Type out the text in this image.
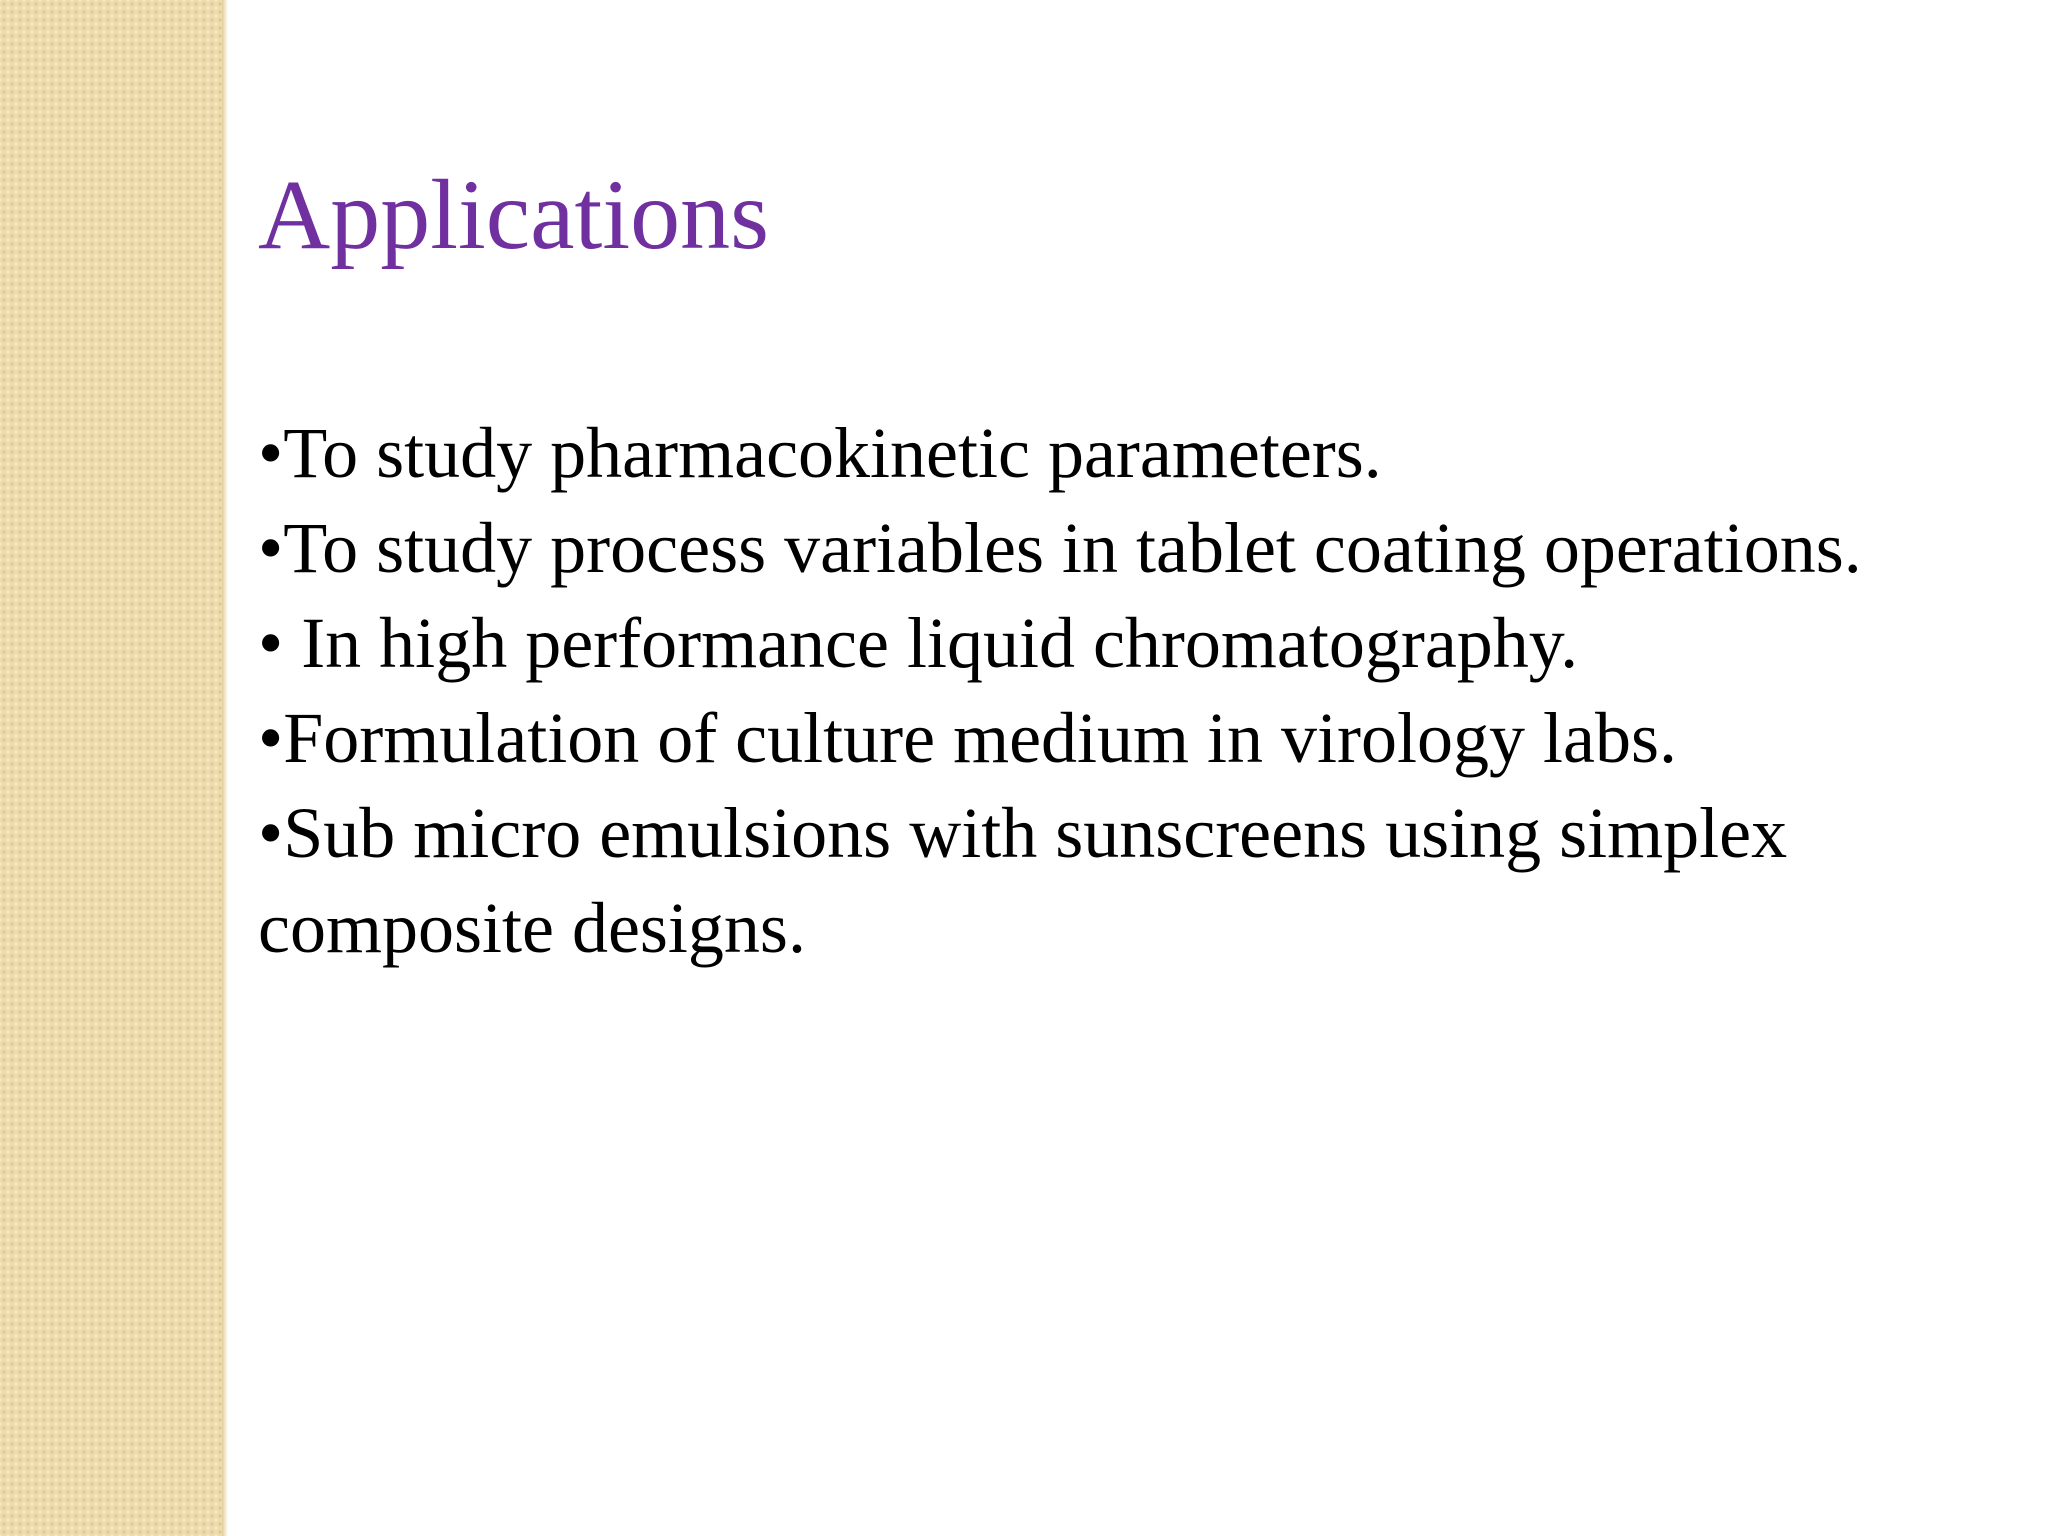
Applications
•To study pharmacokinetic parameters.
•To study process variables in tablet coating operations.
• In high performance liquid chromatography.
•Formulation of culture medium in virology labs.
•Sub micro emulsions with sunscreens using simplex composite designs.
